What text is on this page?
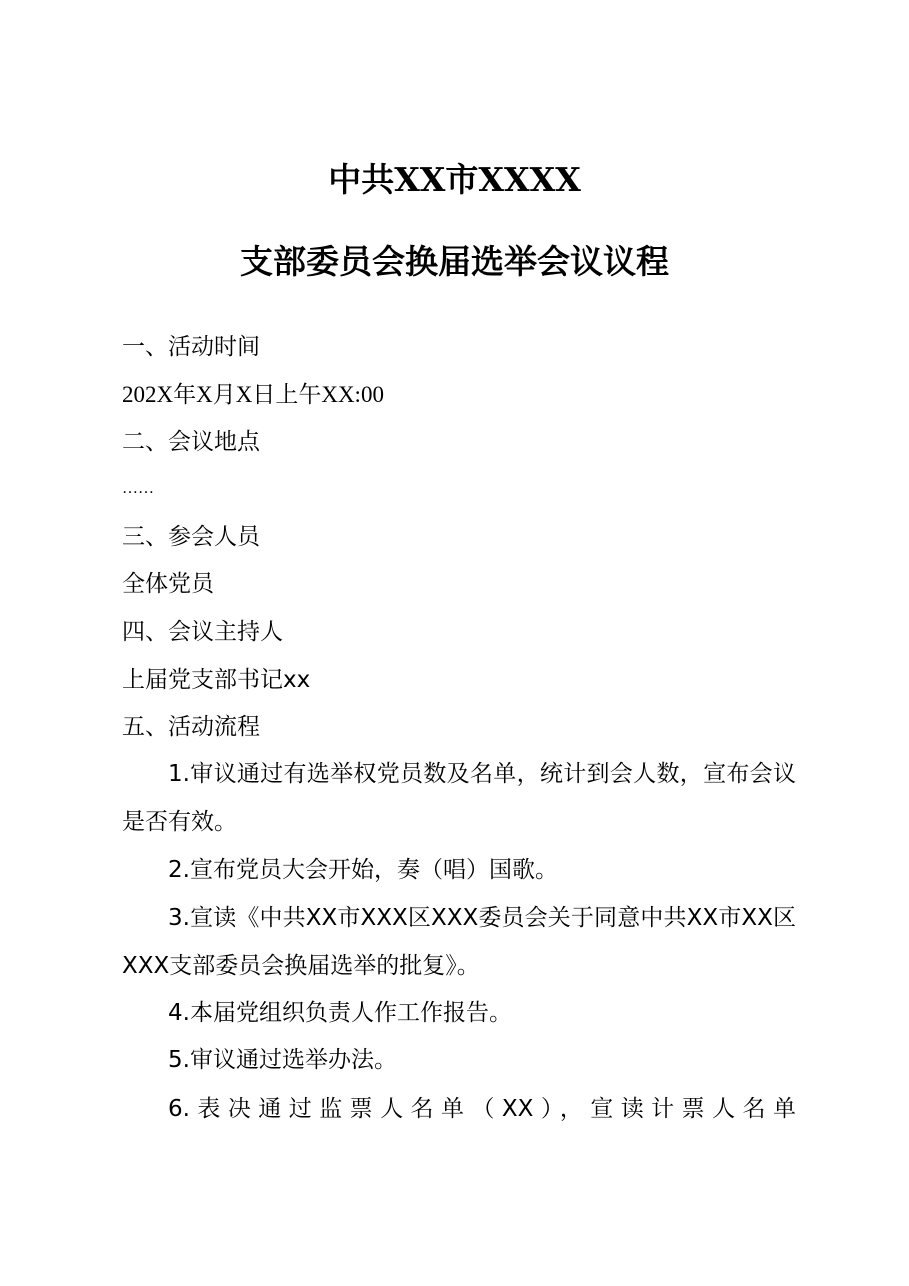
中共XX市XXXX
支部委员会换届选举会议议程
一、活动时间
202X年X月X日上午XX:00
二、会议地点
……
三、参会人员
全体党员
四、会议主持人
上届党支部书记xx
五、活动流程
1.审议通过有选举权党员数及名单，统计到会人数，宣布会议是否有效。
2.宣布党员大会开始，奏（唱）国歌。
3.宣读《中共XX市XXX区XXX委员会关于同意中共XX市XX区XXX支部委员会换届选举的批复》。
4.本届党组织负责人作工作报告。
5.审议通过选举办法。
6.表决通过监票人名单（XX），宣读计票人名单
